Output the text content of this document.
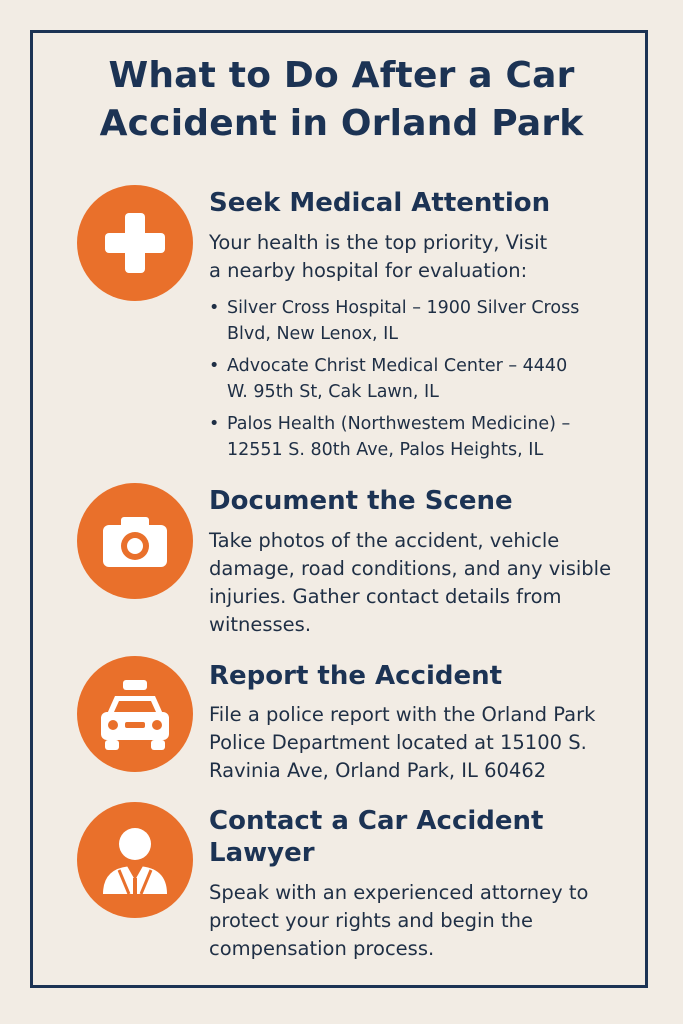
What to Do After a Car
Accident in Orland Park
Seek Medical Attention
Your health is the top priority, Visit
a nearby hospital for evaluation:
• Silver Cross Hospital – 1900 Silver Cross
Blvd, New Lenox, IL
• Advocate Christ Medical Center – 4440
W. 95th St, Cak Lawn, IL
• Palos Health (Northwestem Medicine) –
12551 S. 80th Ave, Palos Heights, IL
Document the Scene
Take photos of the accident, vehicle
damage, road conditions, and any visible
injuries. Gather contact details from
witnesses.
Report the Accident
File a police report with the Orland Park
Police Department located at 15100 S.
Ravinia Ave, Orland Park, IL 60462
Contact a Car Accident
Lawyer
Speak with an experienced attorney to
protect your rights and begin the
compensation process.
